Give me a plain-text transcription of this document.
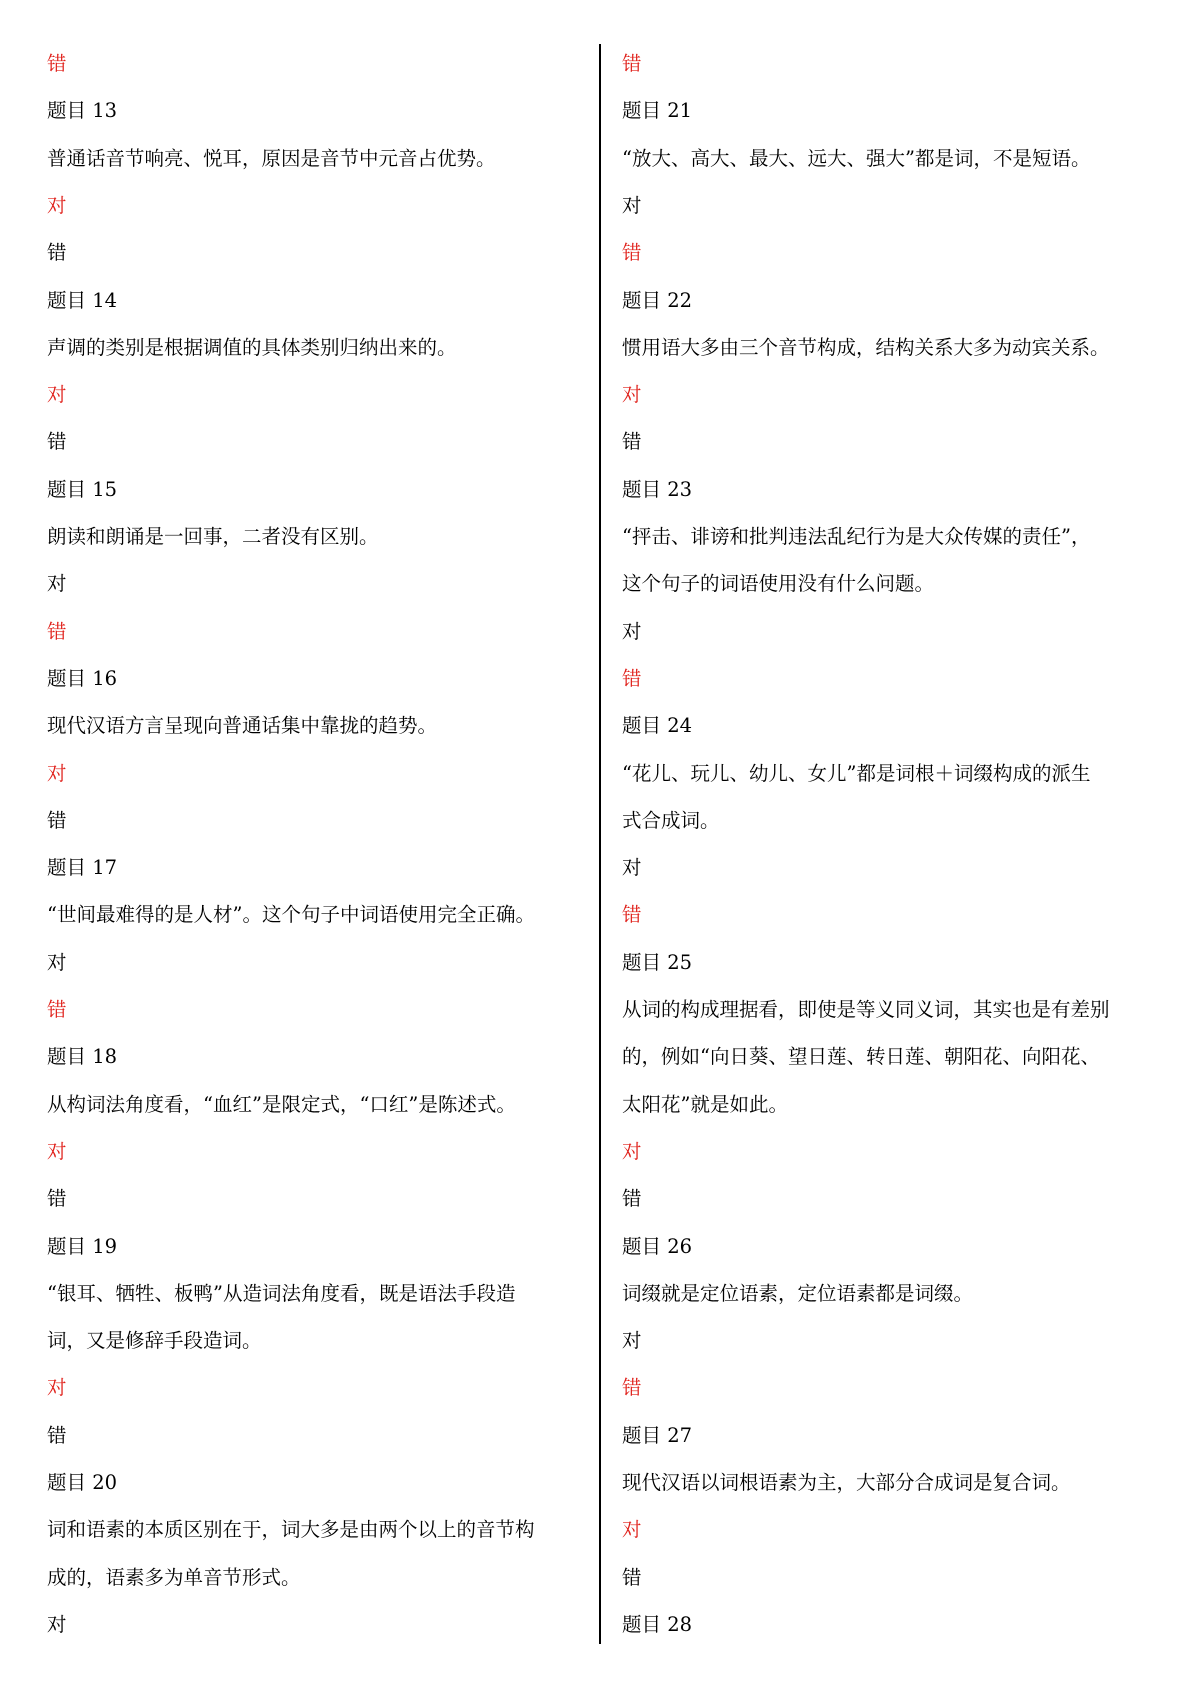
错
题目 13
普通话音节响亮、悦耳，原因是音节中元音占优势。
对
错
题目 14
声调的类别是根据调值的具体类别归纳出来的。
对
错
题目 15
朗读和朗诵是一回事，二者没有区别。
对
错
题目 16
现代汉语方言呈现向普通话集中靠拢的趋势。
对
错
题目 17
“世间最难得的是人材”。这个句子中词语使用完全正确。
对
错
题目 18
从构词法角度看，“血红”是限定式，“口红”是陈述式。
对
错
题目 19
“银耳、牺牲、板鸭”从造词法角度看，既是语法手段造
词，又是修辞手段造词。
对
错
题目 20
词和语素的本质区别在于，词大多是由两个以上的音节构
成的，语素多为单音节形式。
对
错
题目 21
“放大、高大、最大、远大、强大”都是词，不是短语。
对
错
题目 22
惯用语大多由三个音节构成，结构关系大多为动宾关系。
对
错
题目 23
“抨击、诽谤和批判违法乱纪行为是大众传媒的责任”，
这个句子的词语使用没有什么问题。
对
错
题目 24
“花儿、玩儿、幼儿、女儿”都是词根＋词缀构成的派生
式合成词。
对
错
题目 25
从词的构成理据看，即使是等义同义词，其实也是有差别
的，例如“向日葵、望日莲、转日莲、朝阳花、向阳花、
太阳花”就是如此。
对
错
题目 26
词缀就是定位语素，定位语素都是词缀。
对
错
题目 27
现代汉语以词根语素为主，大部分合成词是复合词。
对
错
题目 28
